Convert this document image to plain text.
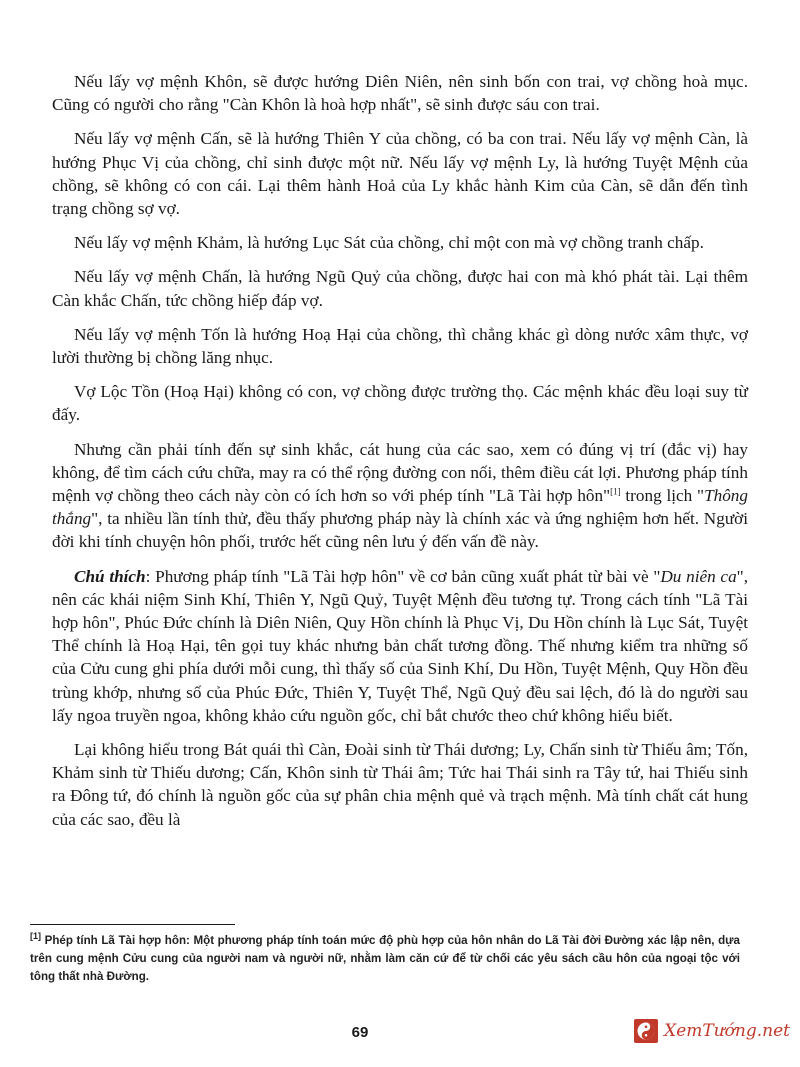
Nếu lấy vợ mệnh Khôn, sẽ được hướng Diên Niên, nên sinh bốn con trai, vợ chồng hoà mục. Cũng có người cho rằng "Càn Khôn là hoà hợp nhất", sẽ sinh được sáu con trai.

Nếu lấy vợ mệnh Cấn, sẽ là hướng Thiên Y của chồng, có ba con trai. Nếu lấy vợ mệnh Càn, là hướng Phục Vị của chồng, chỉ sinh được một nữ. Nếu lấy vợ mệnh Ly, là hướng Tuyệt Mệnh của chồng, sẽ không có con cái. Lại thêm hành Hoả của Ly khắc hành Kim của Càn, sẽ dẫn đến tình trạng chồng sợ vợ.

Nếu lấy vợ mệnh Khảm, là hướng Lục Sát của chồng, chỉ một con mà vợ chồng tranh chấp.

Nếu lấy vợ mệnh Chấn, là hướng Ngũ Quỷ của chồng, được hai con mà khó phát tài. Lại thêm Càn khắc Chấn, tức chồng hiếp đáp vợ.

Nếu lấy vợ mệnh Tốn là hướng Hoạ Hại của chồng, thì chẳng khác gì dòng nước xâm thực, vợ lười thường bị chồng lăng nhục.

Vợ Lộc Tồn (Hoạ Hại) không có con, vợ chồng được trường thọ. Các mệnh khác đều loại suy từ đấy.

Nhưng cần phải tính đến sự sinh khắc, cát hung của các sao, xem có đúng vị trí (đắc vị) hay không, để tìm cách cứu chữa, may ra có thể rộng đường con nối, thêm điều cát lợi. Phương pháp tính mệnh vợ chồng theo cách này còn có ích hơn so với phép tính "Lã Tài hợp hôn"[1] trong lịch "Thông thắng", ta nhiều lần tính thử, đều thấy phương pháp này là chính xác và ứng nghiệm hơn hết. Người đời khi tính chuyện hôn phối, trước hết cũng nên lưu ý đến vấn đề này.

Chú thích: Phương pháp tính "Lã Tài hợp hôn" về cơ bản cũng xuất phát từ bài vè "Du niên ca", nên các khái niệm Sinh Khí, Thiên Y, Ngũ Quỷ, Tuyệt Mệnh đều tương tự. Trong cách tính "Lã Tài hợp hôn", Phúc Đức chính là Diên Niên, Quy Hồn chính là Phục Vị, Du Hồn chính là Lục Sát, Tuyệt Thể chính là Hoạ Hại, tên gọi tuy khác nhưng bản chất tương đồng. Thế nhưng kiểm tra những số của Cửu cung ghi phía dưới mỗi cung, thì thấy số của Sinh Khí, Du Hồn, Tuyệt Mệnh, Quy Hồn đều trùng khớp, nhưng số của Phúc Đức, Thiên Y, Tuyệt Thể, Ngũ Quỷ đều sai lệch, đó là do người sau lấy ngoa truyền ngoa, không khảo cứu nguồn gốc, chỉ bắt chước theo chứ không hiểu biết.

Lại không hiểu trong Bát quái thì Càn, Đoài sinh từ Thái dương; Ly, Chấn sinh từ Thiếu âm; Tốn, Khảm sinh từ Thiếu dương; Cấn, Khôn sinh từ Thái âm; Tức hai Thái sinh ra Tây tứ, hai Thiếu sinh ra Đông tứ, đó chính là nguồn gốc của sự phân chia mệnh quẻ và trạch mệnh. Mà tính chất cát hung của các sao, đều là

[1] Phép tính Lã Tài hợp hôn: Một phương pháp tính toán mức độ phù hợp của hôn nhân do Lã Tài đời Đường xác lập nên, dựa trên cung mệnh Cửu cung của người nam và người nữ, nhằm làm căn cứ để từ chối các yêu sách cầu hôn của ngoại tộc với tông thất nhà Đường.
69	XemTướng.net
